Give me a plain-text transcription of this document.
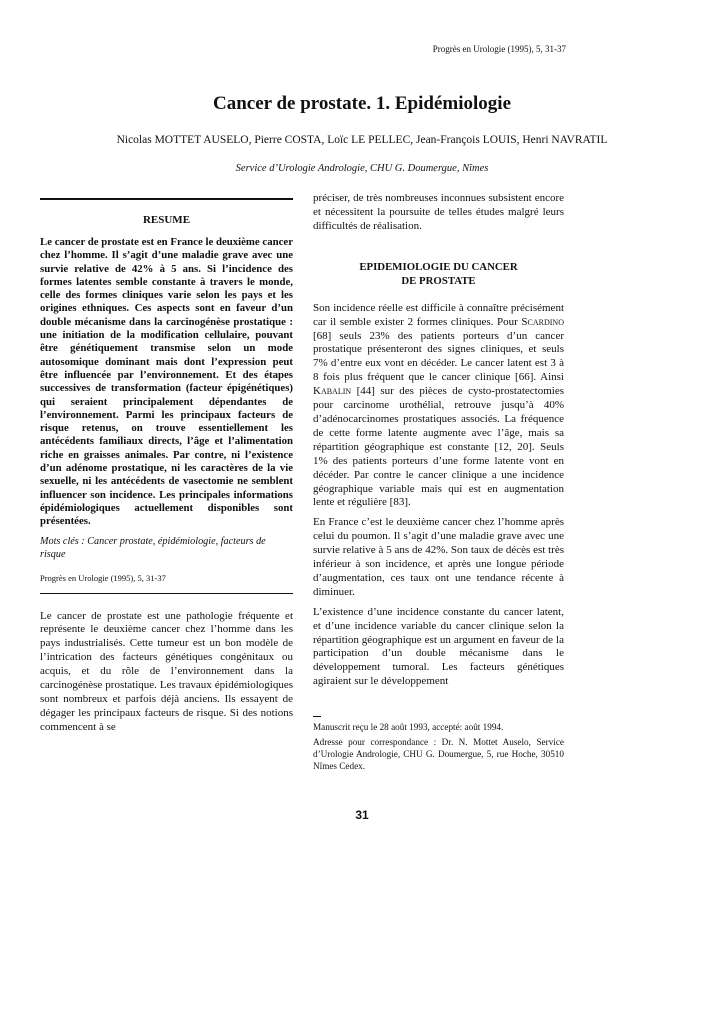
Progrès en Urologie (1995), 5, 31-37
Cancer de prostate. 1. Epidémiologie
Nicolas MOTTET AUSELO, Pierre COSTA, Loïc LE PELLEC, Jean-François LOUIS, Henri NAVRATIL
Service d’Urologie Andrologie, CHU G. Doumergue, Nîmes
RESUME

Le cancer de prostate est en France le deuxième cancer chez l’homme. Il s’agit d’une maladie grave avec une survie relative de 42% à 5 ans. Si l’incidence des formes latentes semble constante à travers le monde, celle des formes cliniques varie selon les pays et les origines ethniques. Ces aspects sont en faveur d’un double mécanisme dans la carcinogénèse prostatique : une initiation de la modification cellulaire, pouvant être génétiquement transmise selon un mode autosomique dominant mais dont l’expression peut être influencée par l’environnement. Et des étapes successives de transformation (facteur épigénétiques) qui seraient principalement dépendantes de l’environnement. Parmi les principaux facteurs de risque retenus, on trouve essentiellement les antécédents familiaux directs, l’âge et l’alimentation riche en graisses animales. Par contre, ni l’existence d’un adénome prostatique, ni les caractères de la vie sexuelle, ni les antécédents de vasectomie ne semblent influencer son incidence. Les principales informations épidémiologiques actuellement disponibles sont présentées.

Mots clés : Cancer prostate, épidémiologie, facteurs de risque

Progrès en Urologie (1995), 5, 31-37

Le cancer de prostate est une pathologie fréquente et représente le deuxième cancer chez l’homme dans les pays industrialisés. Cette tumeur est un bon modèle de l’intrication des facteurs génétiques congénitaux ou acquis, et du rôle de l’environnement dans la carcinogénèse prostatique. Les travaux épidémiologiques sont nombreux et parfois déjà anciens. Ils essayent de dégager les principaux facteurs de risque. Si des notions commencent à se

préciser, de très nombreuses inconnues subsistent encore et nécessitent la poursuite de telles études malgré leurs difficultés de réalisation.

EPIDEMIOLOGIE DU CANCER
DE PROSTATE

Son incidence réelle est difficile à connaître précisément car il semble exister 2 formes cliniques. Pour Scardino [68] seuls 23% des patients porteurs d’un cancer prostatique présenteront des signes cliniques, et seuls 7% d’entre eux vont en décéder. Le cancer latent est 3 à 8 fois plus fréquent que le cancer clinique [66]. Ainsi Kabalin [44] sur des pièces de cysto-prostatectomies pour carcinome urothélial, retrouve jusqu’à 40% d’adénocarcinomes prostatiques associés. La fréquence de cette forme latente augmente avec l’âge, mais sa répartition géographique est constante [12, 20]. Seuls 1% des patients porteurs d’une forme latente vont en décéder. Par contre le cancer clinique a une incidence géographique variable mais qui est en augmentation lente et régulière [83].

En France c’est le deuxième cancer chez l’homme après celui du poumon. Il s’agit d’une maladie grave avec une survie relative à 5 ans de 42%. Son taux de décès est très inférieur à son incidence, et après une longue période d’augmentation, ces taux ont une tendance récente à diminuer.

L’existence d’une incidence constante du cancer latent, et d’une incidence variable du cancer clinique selon la répartition géographique est un argument en faveur de la participation d’un double mécanisme dans le développement tumoral. Les facteurs génétiques agiraient sur le développement

Manuscrit reçu le 28 août 1993, accepté: août 1994.

Adresse pour correspondance : Dr. N. Mottet Auselo, Service d’Urologie Andrologie, CHU G. Doumergue, 5, rue Hoche, 30510 Nîmes Cedex.

31
